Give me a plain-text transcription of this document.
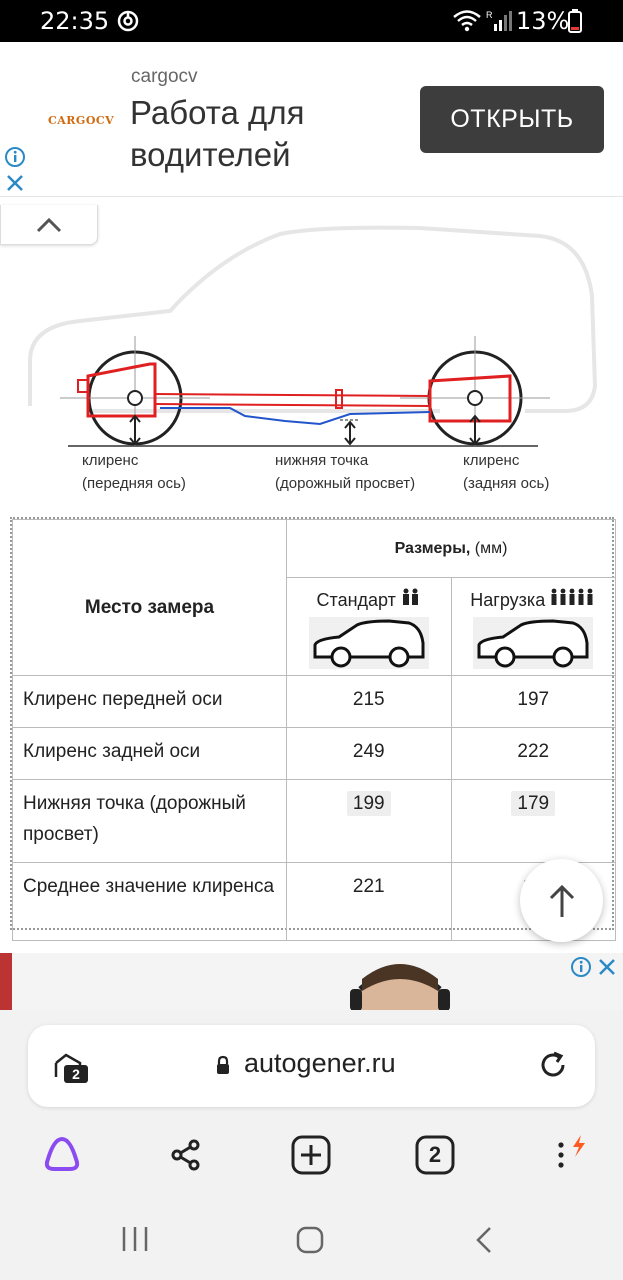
22:35	R 13%
CARGOCV
cargocv
Работа для водителей
ОТКРЫТЬ
клиренс
(передняя ось)
нижняя точка
(дорожный просвет)
клиренс
(задняя ось)
Место замера	Размеры, (мм)	
	Стандарт	Нагрузка

Клиренс передней оси	215	197
Клиренс задней оси	249	222
Нижняя точка (дорожный просвет)	199	179
Среднее значение клиренса	221	
2	autogener.ru
2
